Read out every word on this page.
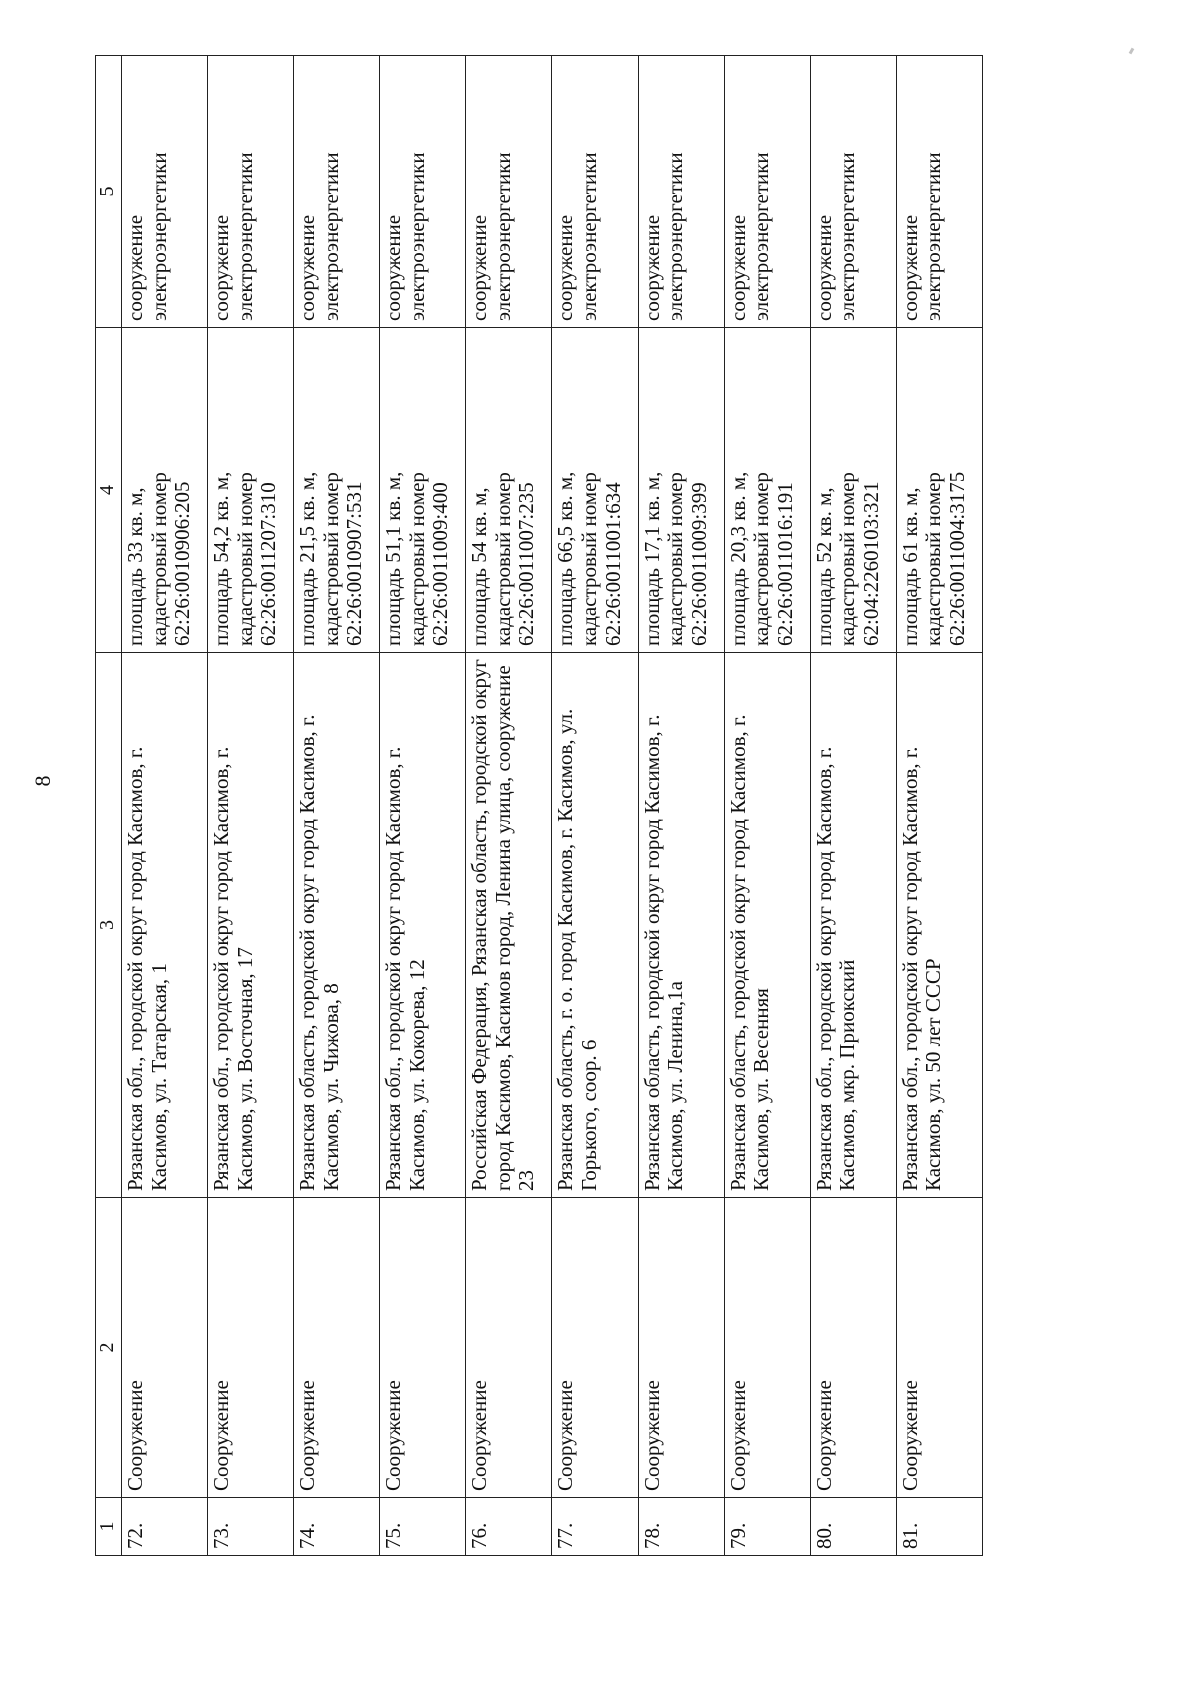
8
1	2	3	4	5
72.	Сооружение	Рязанская обл., городской округ город Касимов, г. Касимов, ул. Татарская, 1	площадь 33 кв. м,
кадастровый номер
62:26:0010906:205	сооружение
электроэнергетики
73.	Сооружение	Рязанская обл., городской округ город Касимов, г. Касимов, ул. Восточная, 17	площадь 54,2 кв. м,
кадастровый номер
62:26:0011207:310	сооружение
электроэнергетики
74.	Сооружение	Рязанская область, городской округ город Касимов, г. Касимов, ул. Чижова, 8	площадь 21,5 кв. м,
кадастровый номер
62:26:0010907:531	сооружение
электроэнергетики
75.	Сооружение	Рязанская обл., городской округ город Касимов, г. Касимов, ул. Кокорева, 12	площадь 51,1 кв. м,
кадастровый номер
62:26:0011009:400	сооружение
электроэнергетики
76.	Сооружение	Российская Федерация, Рязанская область, городской округ город Касимов, Касимов город, Ленина улица, сооружение 23	площадь 54 кв. м,
кадастровый номер
62:26:0011007:235	сооружение
электроэнергетики
77.	Сооружение	Рязанская область, г. о. город Касимов, г. Касимов, ул. Горького, соор. 6	площадь 66,5 кв. м,
кадастровый номер
62:26:0011001:634	сооружение
электроэнергетики
78.	Сооружение	Рязанская область, городской округ город Касимов, г. Касимов, ул. Ленина,1а	площадь 17,1 кв. м,
кадастровый номер
62:26:0011009:399	сооружение
электроэнергетики
79.	Сооружение	Рязанская область, городской округ город Касимов, г. Касимов, ул. Весенняя	площадь 20,3 кв. м,
кадастровый номер
62:26:0011016:191	сооружение
электроэнергетики
80.	Сооружение	Рязанская обл., городской округ город Касимов, г. Касимов, мкр. Приокский	площадь 52 кв. м,
кадастровый номер
62:04:2260103:321	сооружение
электроэнергетики
81.	Сооружение	Рязанская обл., городской округ город Касимов, г. Касимов, ул. 50 лет СССР	площадь 61 кв. м,
кадастровый номер
62:26:0011004:3175	сооружение
электроэнергетики
